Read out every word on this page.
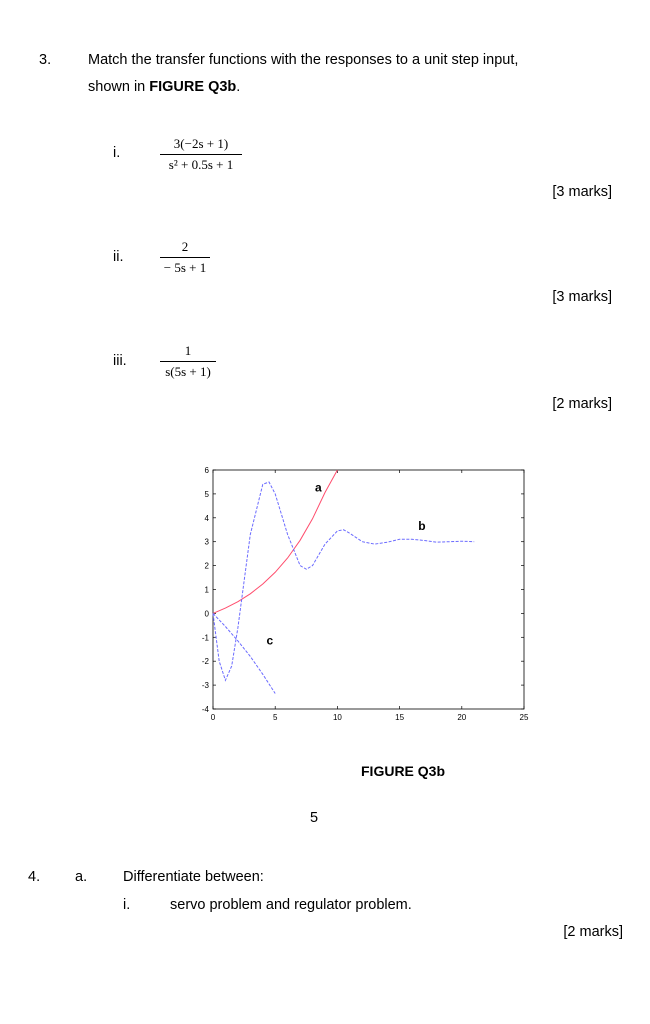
3.	Match the transfer functions with the responses to a unit step input,
shown in FIGURE Q3b.
i.
3(−2s + 1)
s² + 0.5s + 1
[3 marks]
ii.
2
− 5s + 1
[3 marks]
iii.
1
s(5s + 1)
[2 marks]
6
5
4
3
2
1
0
-1
-2
-3
-4
0	5	10	15	20	25
a
b
c
FIGURE Q3b
5
4. a. Differentiate between:
i.	servo problem and regulator problem.
[2 marks]
